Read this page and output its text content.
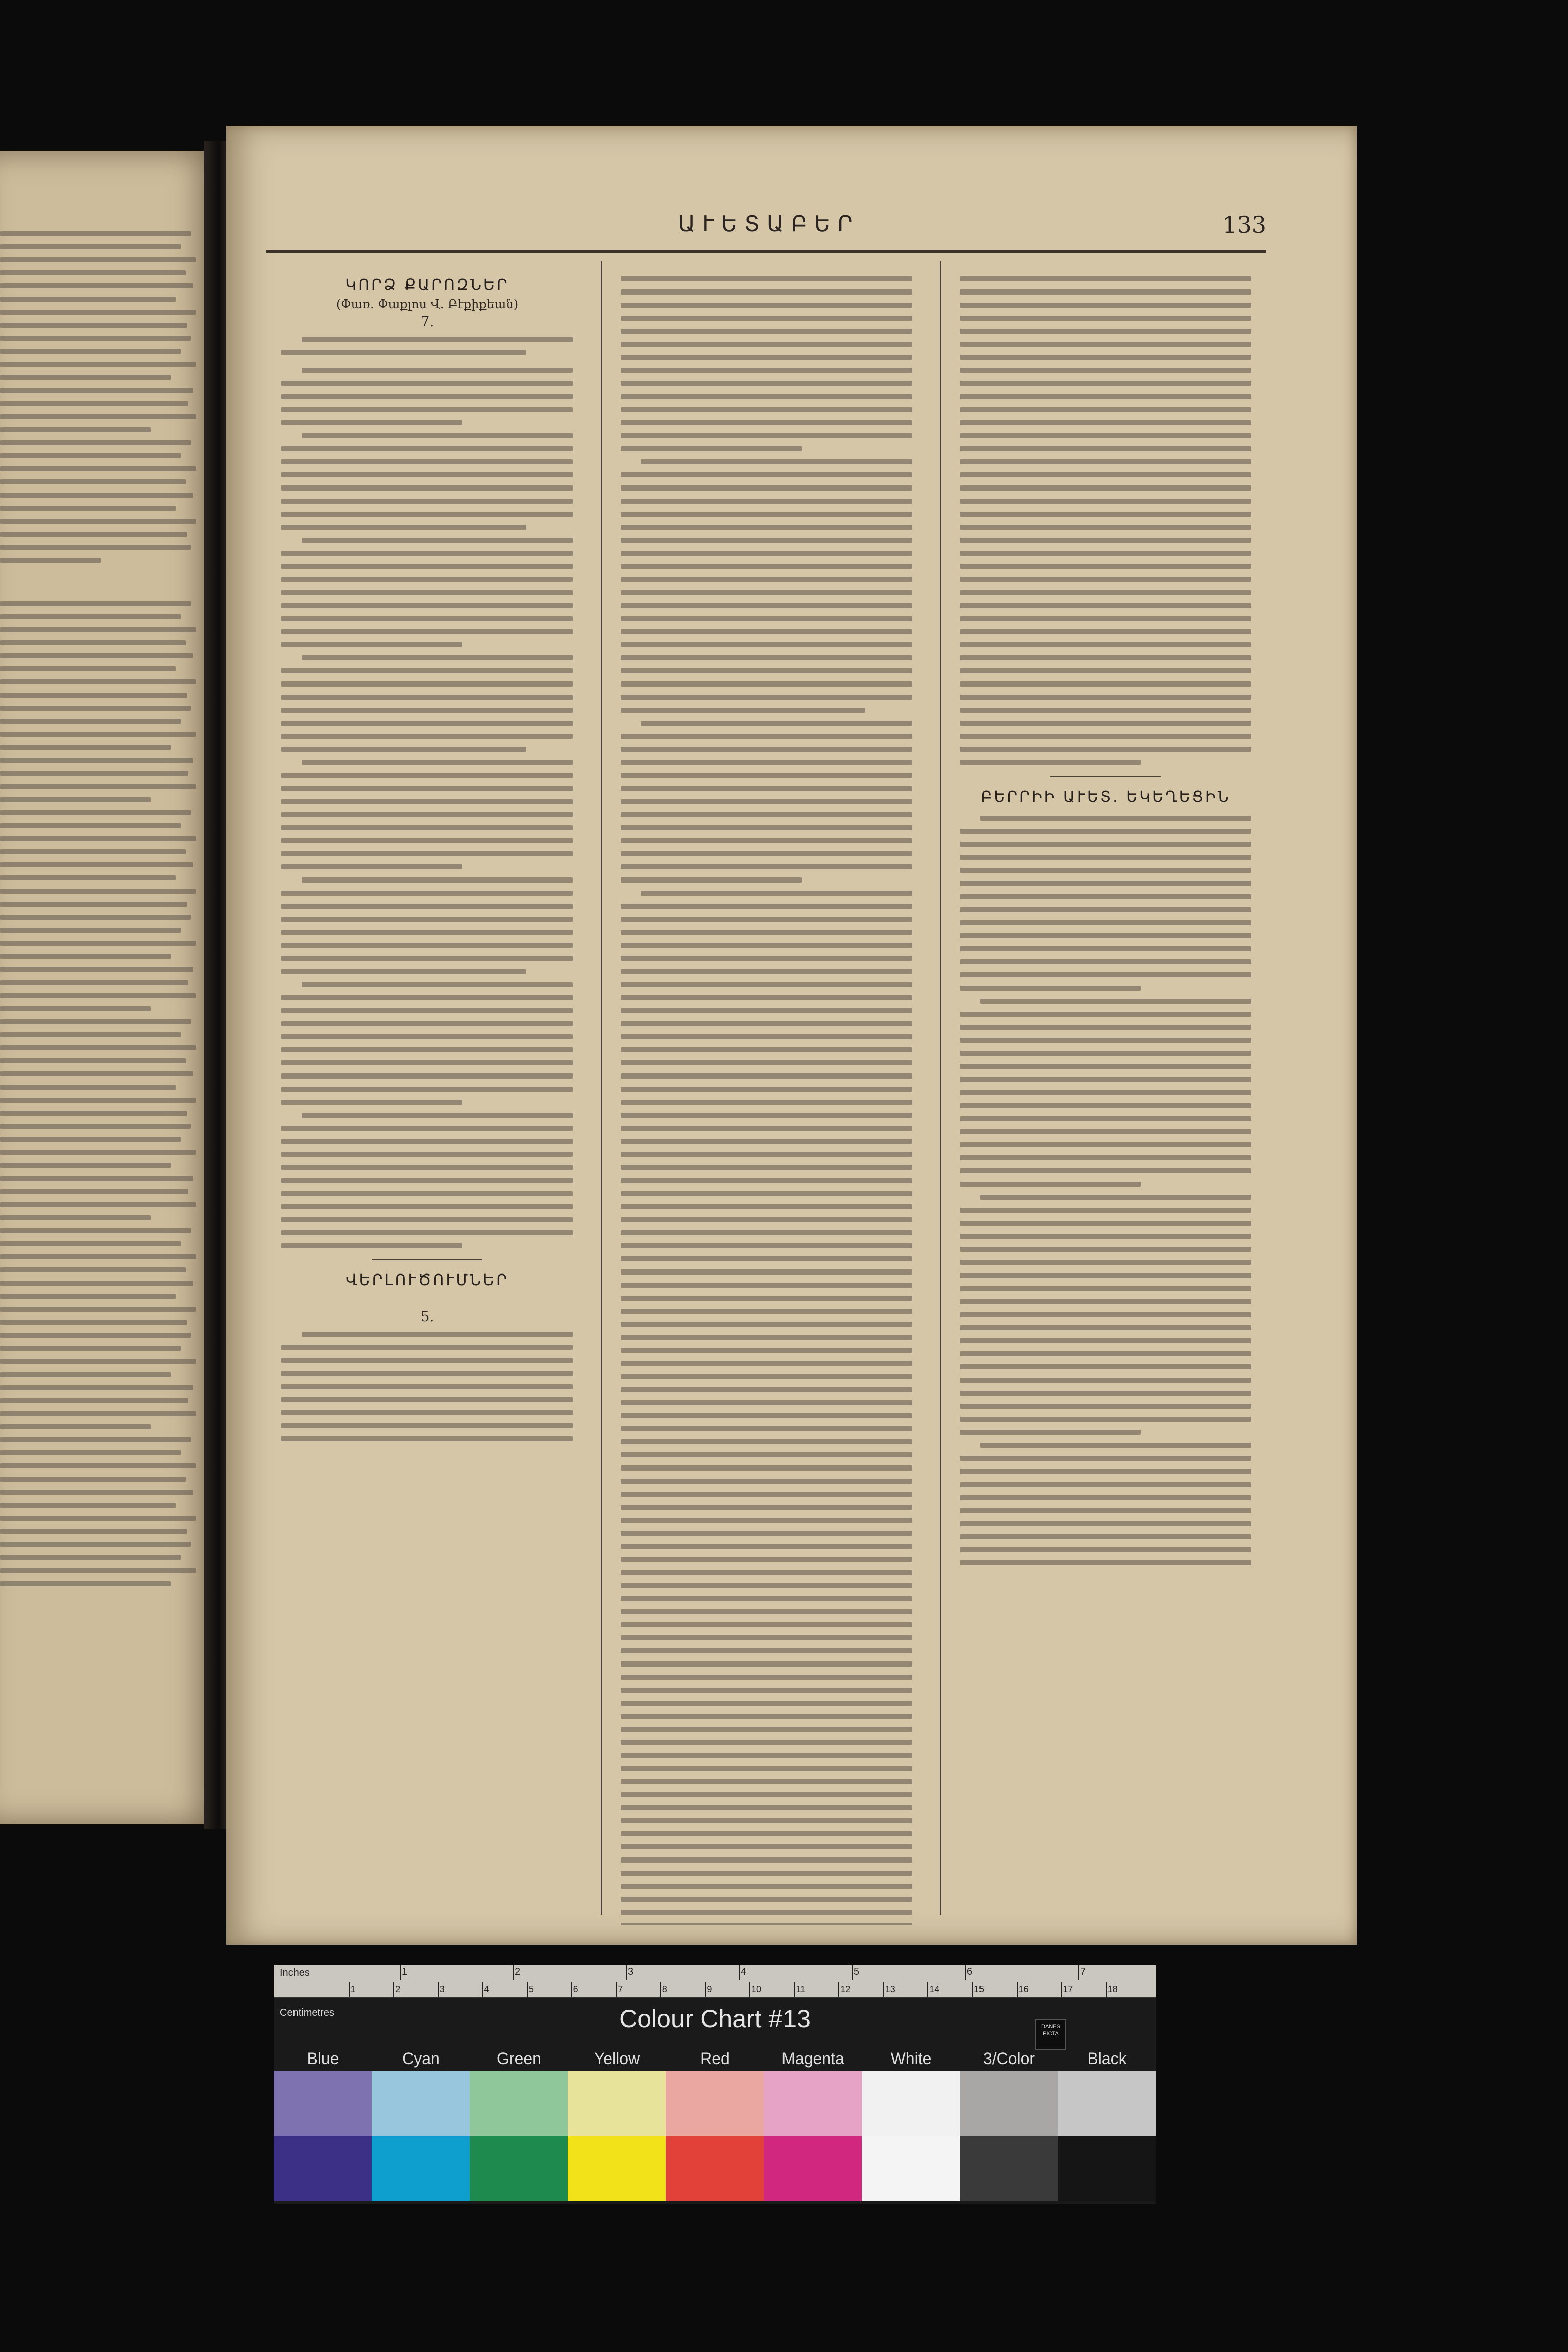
ԱՒԵՏԱԲԵՐ	133
ԿՈՐՁ ՔԱՐՈԶՆԵՐ
(Փառ. Փաքլոս Վ. Բէքիքեան)
7.
ՎԵՐԼՈՒԾՈՒՄՆԵՐ
5.
ԲԵՐՐԻԻ ԱՒԵՏ. ԵԿԵՂԵՑԻՆ
Inches
Centimetres	Colour Chart #13	DANES PICTA
Blue	Cyan	Green	Yellow	Red	Magenta	White	3/Color	Black
1	2	3	4	5	6	7
1	2	3	4	5	6	7	8	9	10	11	12	13	14	15	16	17	18
